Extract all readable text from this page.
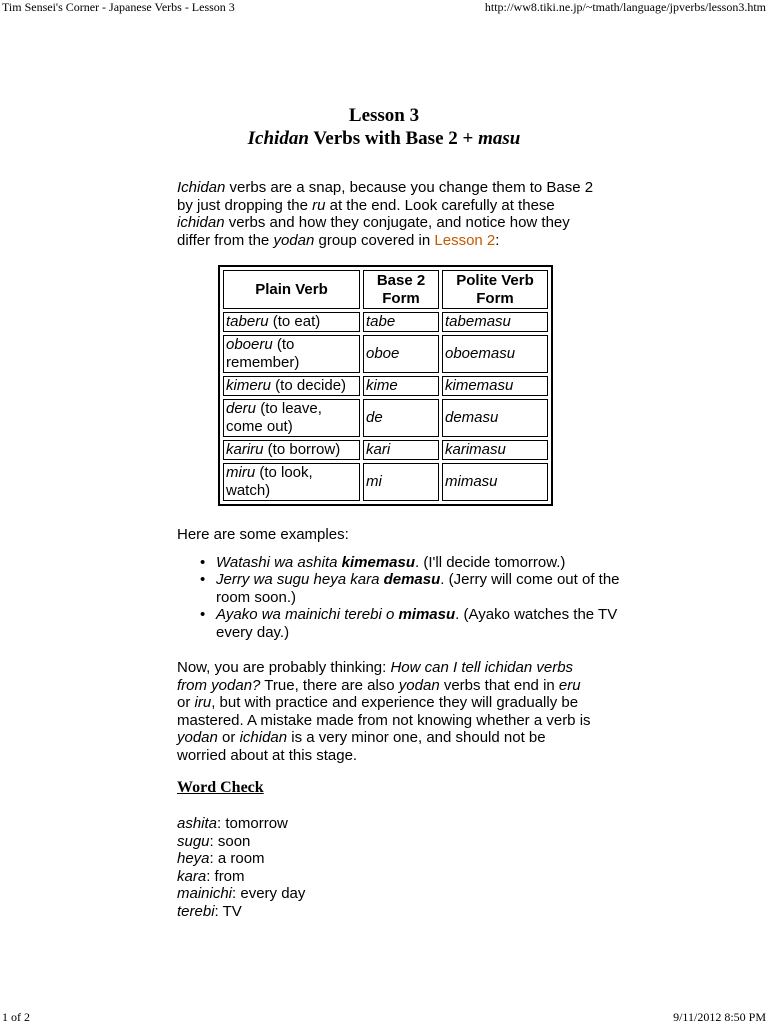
Tim Sensei's Corner - Japanese Verbs - Lesson 3	http://ww8.tiki.ne.jp/~tmath/language/jpverbs/lesson3.htm
Lesson 3
Ichidan Verbs with Base 2 + masu
Ichidan verbs are a snap, because you change them to Base 2 by just dropping the ru at the end. Look carefully at these ichidan verbs and how they conjugate, and notice how they differ from the yodan group covered in Lesson 2:
Plain Verb	Base 2 Form	Polite Verb Form
taberu (to eat)	tabe	tabemasu
oboeru (to remember)	oboe	oboemasu
kimeru (to decide)	kime	kimemasu
deru (to leave, come out)	de	demasu
kariru (to borrow)	kari	karimasu
miru (to look, watch)	mi	mimasu
Here are some examples:
• Watashi wa ashita kimemasu. (I'll decide tomorrow.)
• Jerry wa sugu heya kara demasu. (Jerry will come out of the room soon.)
• Ayako wa mainichi terebi o mimasu. (Ayako watches the TV every day.)
Now, you are probably thinking: How can I tell ichidan verbs from yodan? True, there are also yodan verbs that end in eru or iru, but with practice and experience they will gradually be mastered. A mistake made from not knowing whether a verb is yodan or ichidan is a very minor one, and should not be worried about at this stage.
Word Check
ashita: tomorrow
sugu: soon
heya: a room
kara: from
mainichi: every day
terebi: TV
1 of 2	9/11/2012 8:50 PM
